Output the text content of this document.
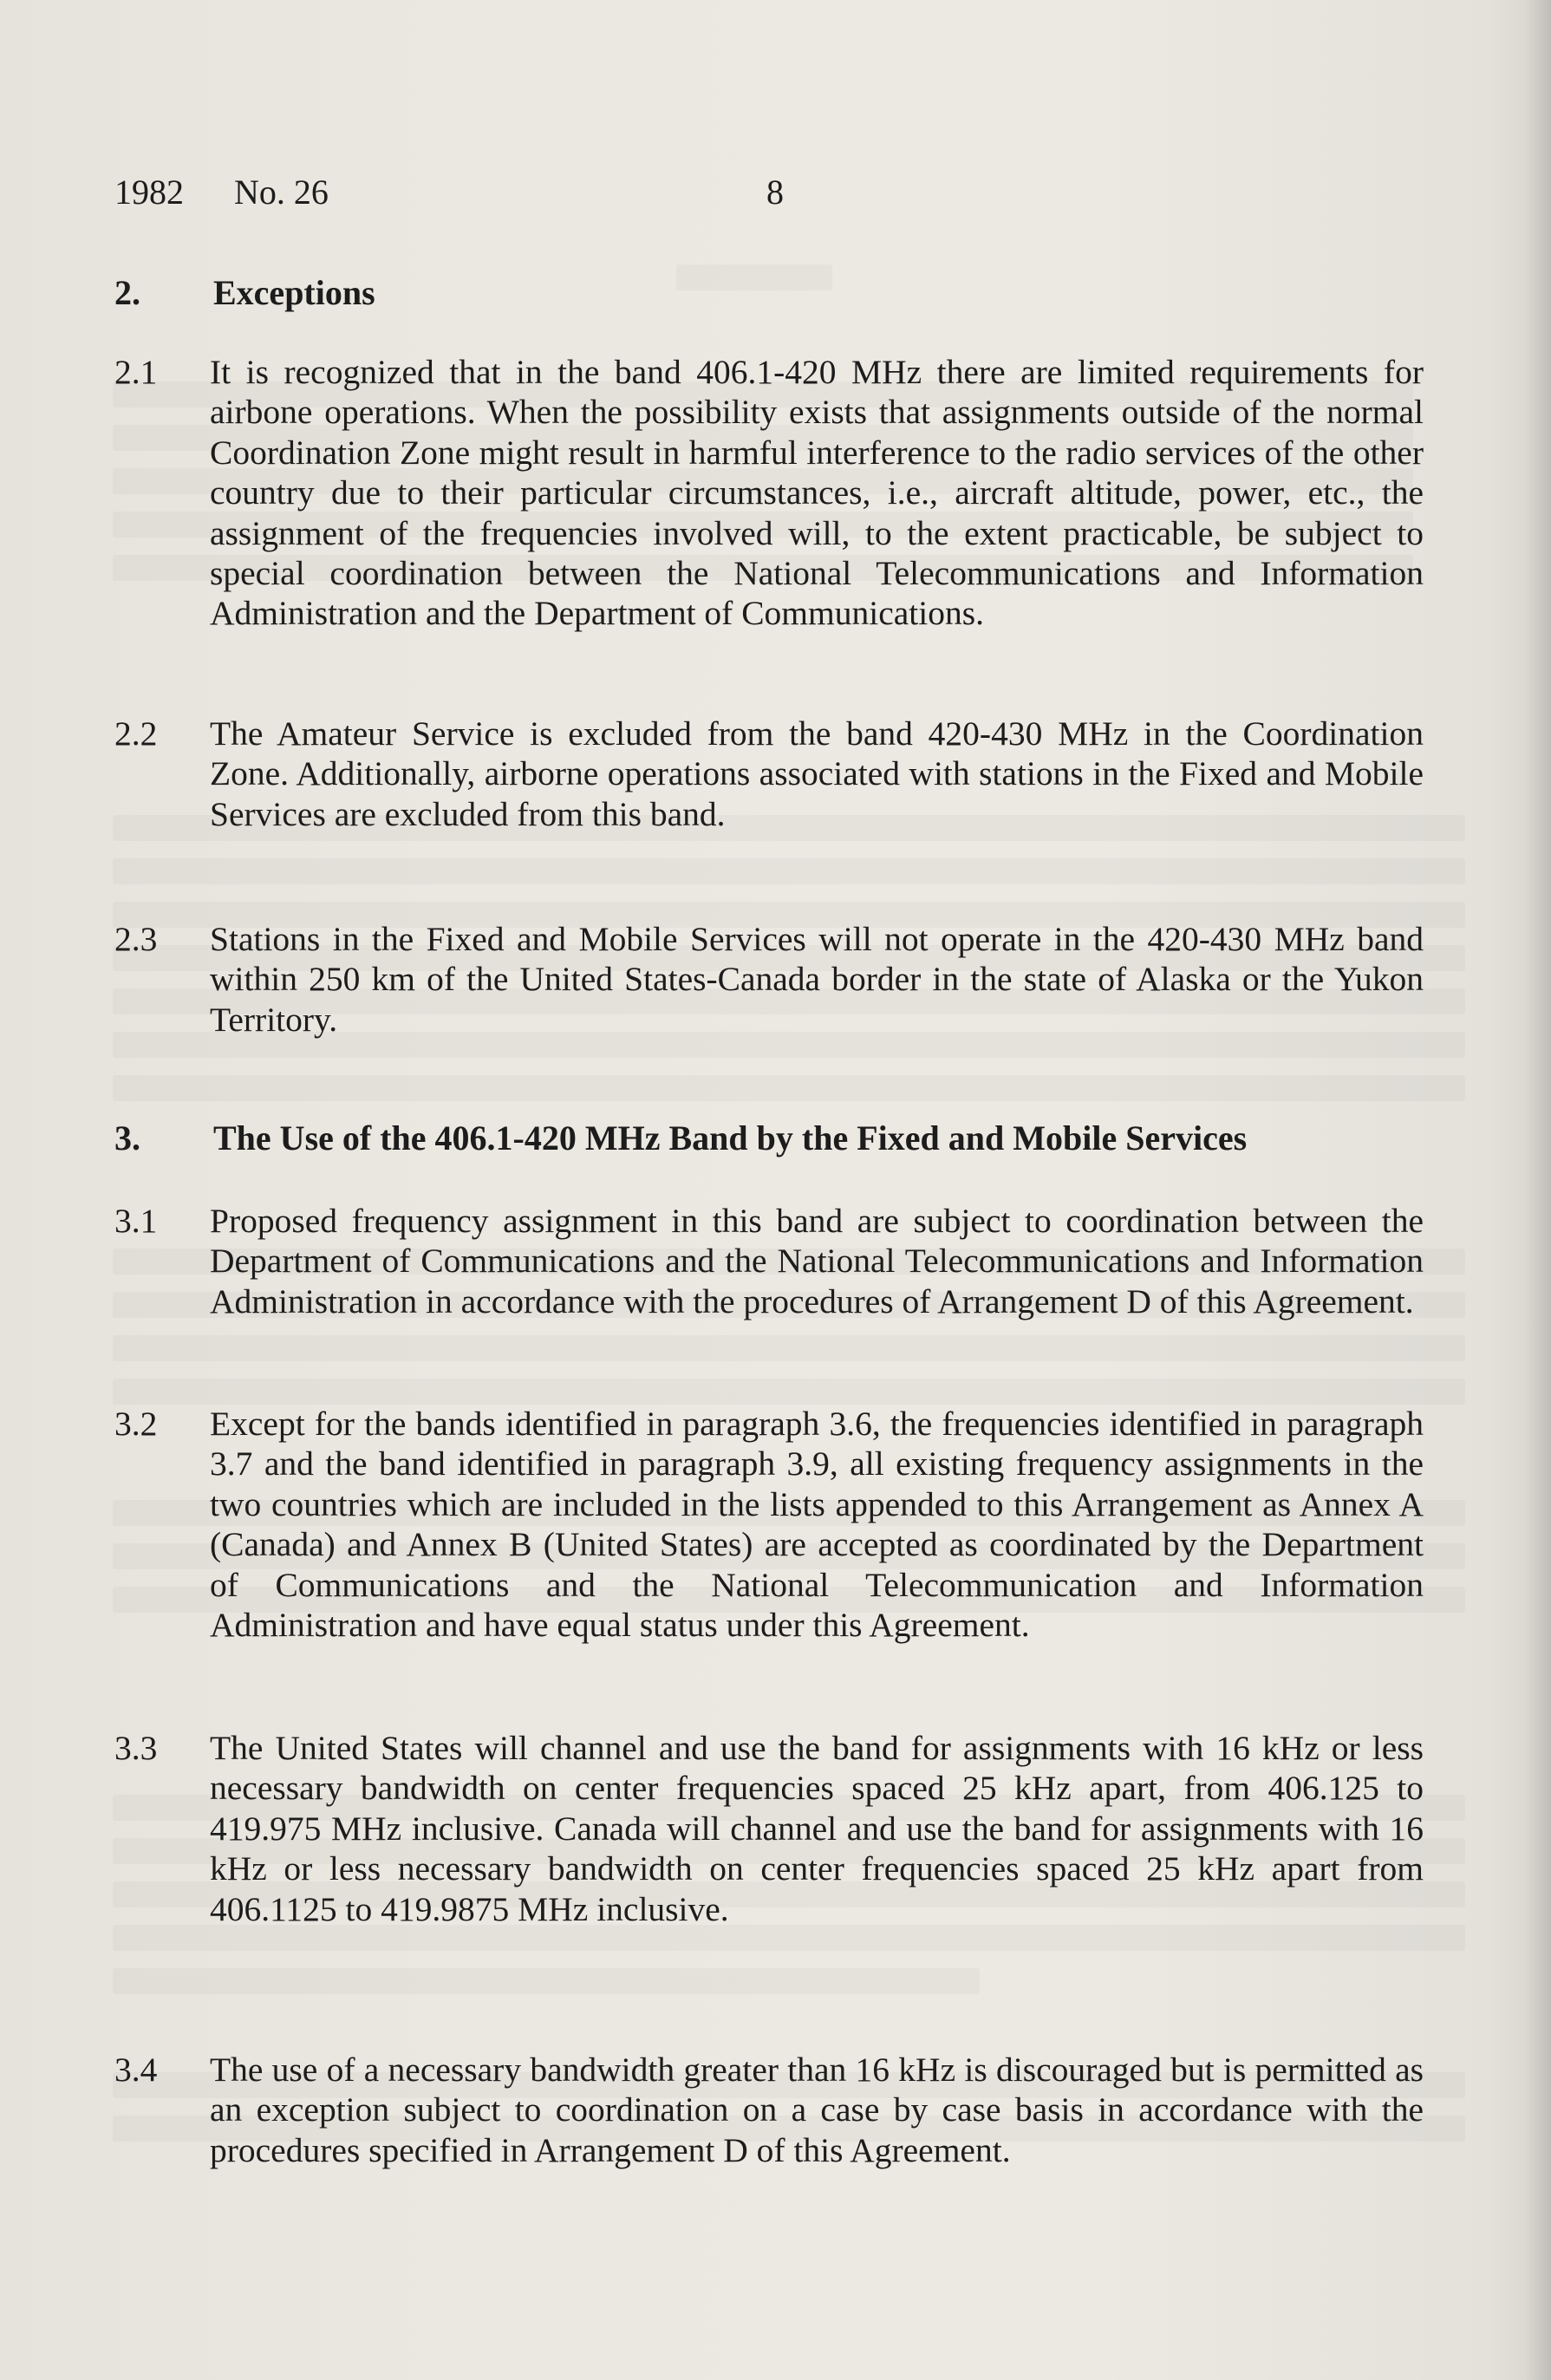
1982 No. 26	8
2. Exceptions
2.1	It is recognized that in the band 406.1-420 MHz there are limited requirements for airbone operations. When the possibility exists that assignments outside of the normal Coordination Zone might result in harmful interference to the radio services of the other country due to their particular circumstances, i.e., aircraft altitude, power, etc., the assignment of the frequencies involved will, to the extent practicable, be subject to special coordination between the National Telecommunications and Information Administration and the Department of Communications.
2.2	The Amateur Service is excluded from the band 420-430 MHz in the Coordination Zone. Additionally, airborne operations associated with stations in the Fixed and Mobile Services are excluded from this band.
2.3	Stations in the Fixed and Mobile Services will not operate in the 420-430 MHz band within 250 km of the United States-Canada border in the state of Alaska or the Yukon Territory.
3. The Use of the 406.1-420 MHz Band by the Fixed and Mobile Services
3.1	Proposed frequency assignment in this band are subject to coordination between the Department of Communications and the National Telecommunications and Information Administration in accordance with the procedures of Arrangement D of this Agreement.
3.2	Except for the bands identified in paragraph 3.6, the frequencies identified in paragraph 3.7 and the band identified in paragraph 3.9, all existing frequency assignments in the two countries which are included in the lists appended to this Arrangement as Annex A (Canada) and Annex B (United States) are accepted as coordinated by the Department of Communications and the National Telecommunication and Information Administration and have equal status under this Agreement.
3.3	The United States will channel and use the band for assignments with 16 kHz or less necessary bandwidth on center frequencies spaced 25 kHz apart, from 406.125 to 419.975 MHz inclusive. Canada will channel and use the band for assignments with 16 kHz or less necessary bandwidth on center frequencies spaced 25 kHz apart from 406.1125 to 419.9875 MHz inclusive.
3.4	The use of a necessary bandwidth greater than 16 kHz is discouraged but is permitted as an exception subject to coordination on a case by case basis in accordance with the procedures specified in Arrangement D of this Agreement.
